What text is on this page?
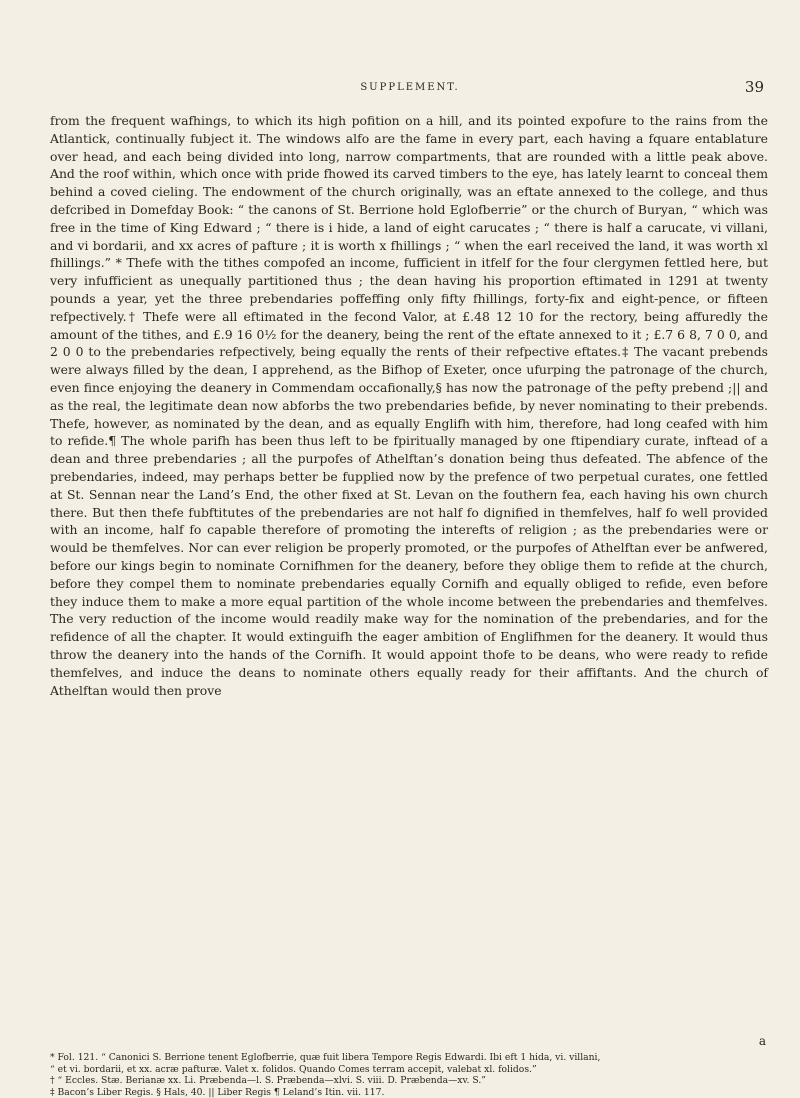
SUPPLEMENT.	39

from the frequent wafhings, to which its high pofition on a hill, and its pointed expofure to the rains from the Atlantick, continually fubject it. The windows alfo are the fame in every part, each having a fquare entablature over head, and each being divided into long, narrow compartments, that are rounded with a little peak above. And the roof within, which once with pride fhowed its carved timbers to the eye, has lately learnt to conceal them behind a coved cieling. The endowment of the church originally, was an eftate annexed to the college, and thus defcribed in Domefday Book: “ the canons of St. Berrione hold Eglofberrie” or the church of Buryan, “ which was free in the time of King Edward ; “ there is i hide, a land of eight carucates ; “ there is half a carucate, vi villani, and vi bordarii, and xx acres of pafture ; it is worth x fhillings ; “ when the earl received the land, it was worth xl fhillings.” * Thefe with the tithes compofed an income, fufficient in itfelf for the four clergymen fettled here, but very infufficient as unequally partitioned thus ; the dean having his proportion eftimated in 1291 at twenty pounds a year, yet the three prebendaries poffeffing only fifty fhillings, forty-fix and eight-pence, or fifteen refpectively.† Thefe were all eftimated in the fecond Valor, at £.48 12 10 for the rectory, being affuredly the amount of the tithes, and £.9 16 0½ for the deanery, being the rent of the eftate annexed to it ; £.7 6 8, 7 0 0, and 2 0 0 to the prebendaries refpectively, being equally the rents of their refpective eftates.‡ The vacant prebends were always filled by the dean, I apprehend, as the Bifhop of Exeter, once ufurping the patronage of the church, even fince enjoying the deanery in Commendam occafionally,§ has now the patronage of the pefty prebend ;|| and as the real, the legitimate dean now abforbs the two prebendaries befide, by never nominating to their prebends. Thefe, however, as nominated by the dean, and as equally Englifh with him, therefore, had long ceafed with him to refide.¶ The whole parifh has been thus left to be fpiritually managed by one ftipendiary curate, inftead of a dean and three prebendaries ; all the purpofes of Athelftan’s donation being thus defeated. The abfence of the prebendaries, indeed, may perhaps better be fupplied now by the prefence of two perpetual curates, one fettled at St. Sennan near the Land’s End, the other fixed at St. Levan on the fouthern fea, each having his own church there. But then thefe fubftitutes of the prebendaries are not half fo dignified in themfelves, half fo well provided with an income, half fo capable therefore of promoting the interefts of religion ; as the prebendaries were or would be themfelves. Nor can ever religion be properly promoted, or the purpofes of Athelftan ever be anfwered, before our kings begin to nominate Cornifhmen for the deanery, before they oblige them to refide at the church, before they compel them to nominate prebendaries equally Cornifh and equally obliged to refide, even before they induce them to make a more equal partition of the whole income between the prebendaries and themfelves. The very reduction of the income would readily make way for the nomination of the prebendaries, and for the refidence of all the chapter. It would extinguifh the eager ambition of Englifhmen for the deanery. It would thus throw the deanery into the hands of the Cornifh. It would appoint thofe to be deans, who were ready to refide themfelves, and induce the deans to nominate others equally ready for their affiftants. And the church of Athelftan would then prove

a
* Fol. 121. “ Canonici S. Berrione tenent Eglofberrie, quæ fuit libera Tempore Regis Edwardi. Ibi eft 1 hida, vi. villani,
“ et vi. bordarii, et xx. acræ pafturæ. Valet x. folidos. Quando Comes terram accepit, valebat xl. folidos.”
† “ Eccles. Stæ. Berianæ xx. Li. Præbenda—l. S. Præbenda—xlvi. S. viii. D. Præbenda—xv. S.”
‡ Bacon’s Liber Regis. § Hals, 40. || Liber Regis ¶ Leland’s Itin. vii. 117.
